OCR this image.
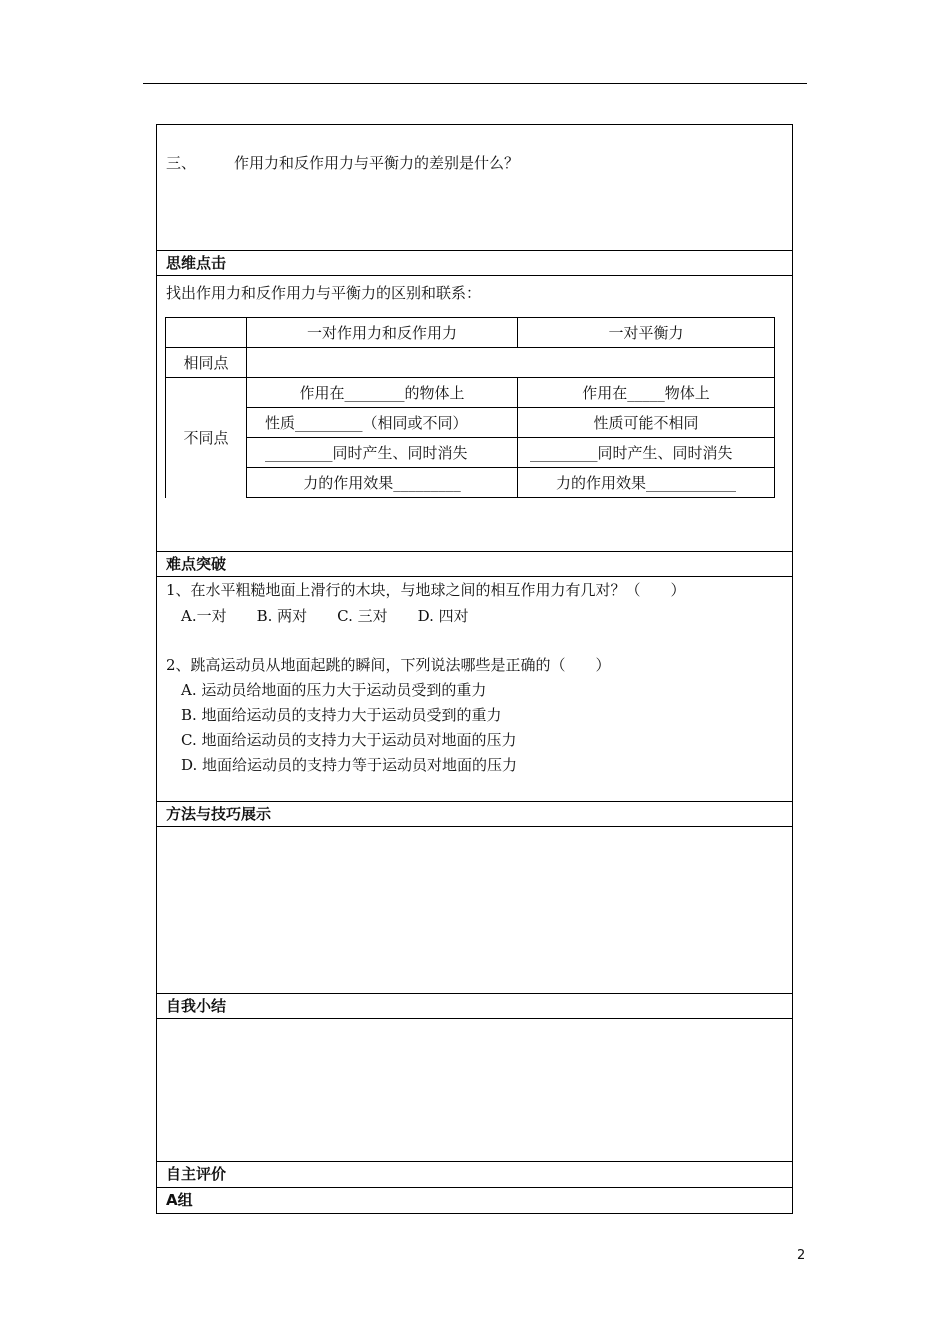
三、	作用力和反作用力与平衡力的差别是什么？
思维点击
找出作用力和反作用力与平衡力的区别和联系：
	一对作用力和反作用力	一对平衡力
相同点		
不同点	作用在________的物体上	作用在_____物体上
	性质_________（相同或不同）	性质可能不相同
	_________同时产生、同时消失	_________同时产生、同时消失
	力的作用效果_________	力的作用效果____________
难点突破
1、在水平粗糙地面上滑行的木块，与地球之间的相互作用力有几对？（　　）
A.一对　　B. 两对　　C. 三对　　D. 四对
2、跳高运动员从地面起跳的瞬间，下列说法哪些是正确的（　　）
A. 运动员给地面的压力大于运动员受到的重力
B. 地面给运动员的支持力大于运动员受到的重力
C. 地面给运动员的支持力大于运动员对地面的压力
D. 地面给运动员的支持力等于运动员对地面的压力
方法与技巧展示
自我小结
自主评价
A组
2
